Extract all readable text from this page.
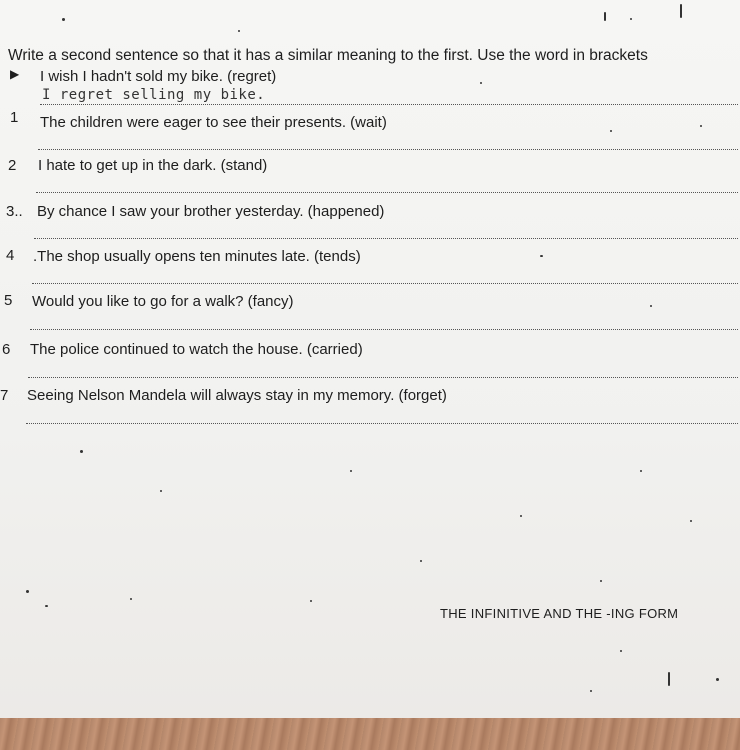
Write a second sentence so that it has a similar meaning to the first. Use the word in brackets
▶ I wish I hadn't sold my bike. (regret)
I regret selling my bike.
1 The children were eager to see their presents. (wait)
2 I hate to get up in the dark. (stand)
3.. By chance I saw your brother yesterday. (happened)
4 .The shop usually opens ten minutes late. (tends)
5 Would you like to go for a walk? (fancy)
6 The police continued to watch the house. (carried)
7 Seeing Nelson Mandela will always stay in my memory. (forget)
THE INFINITIVE AND THE -ING FORM
